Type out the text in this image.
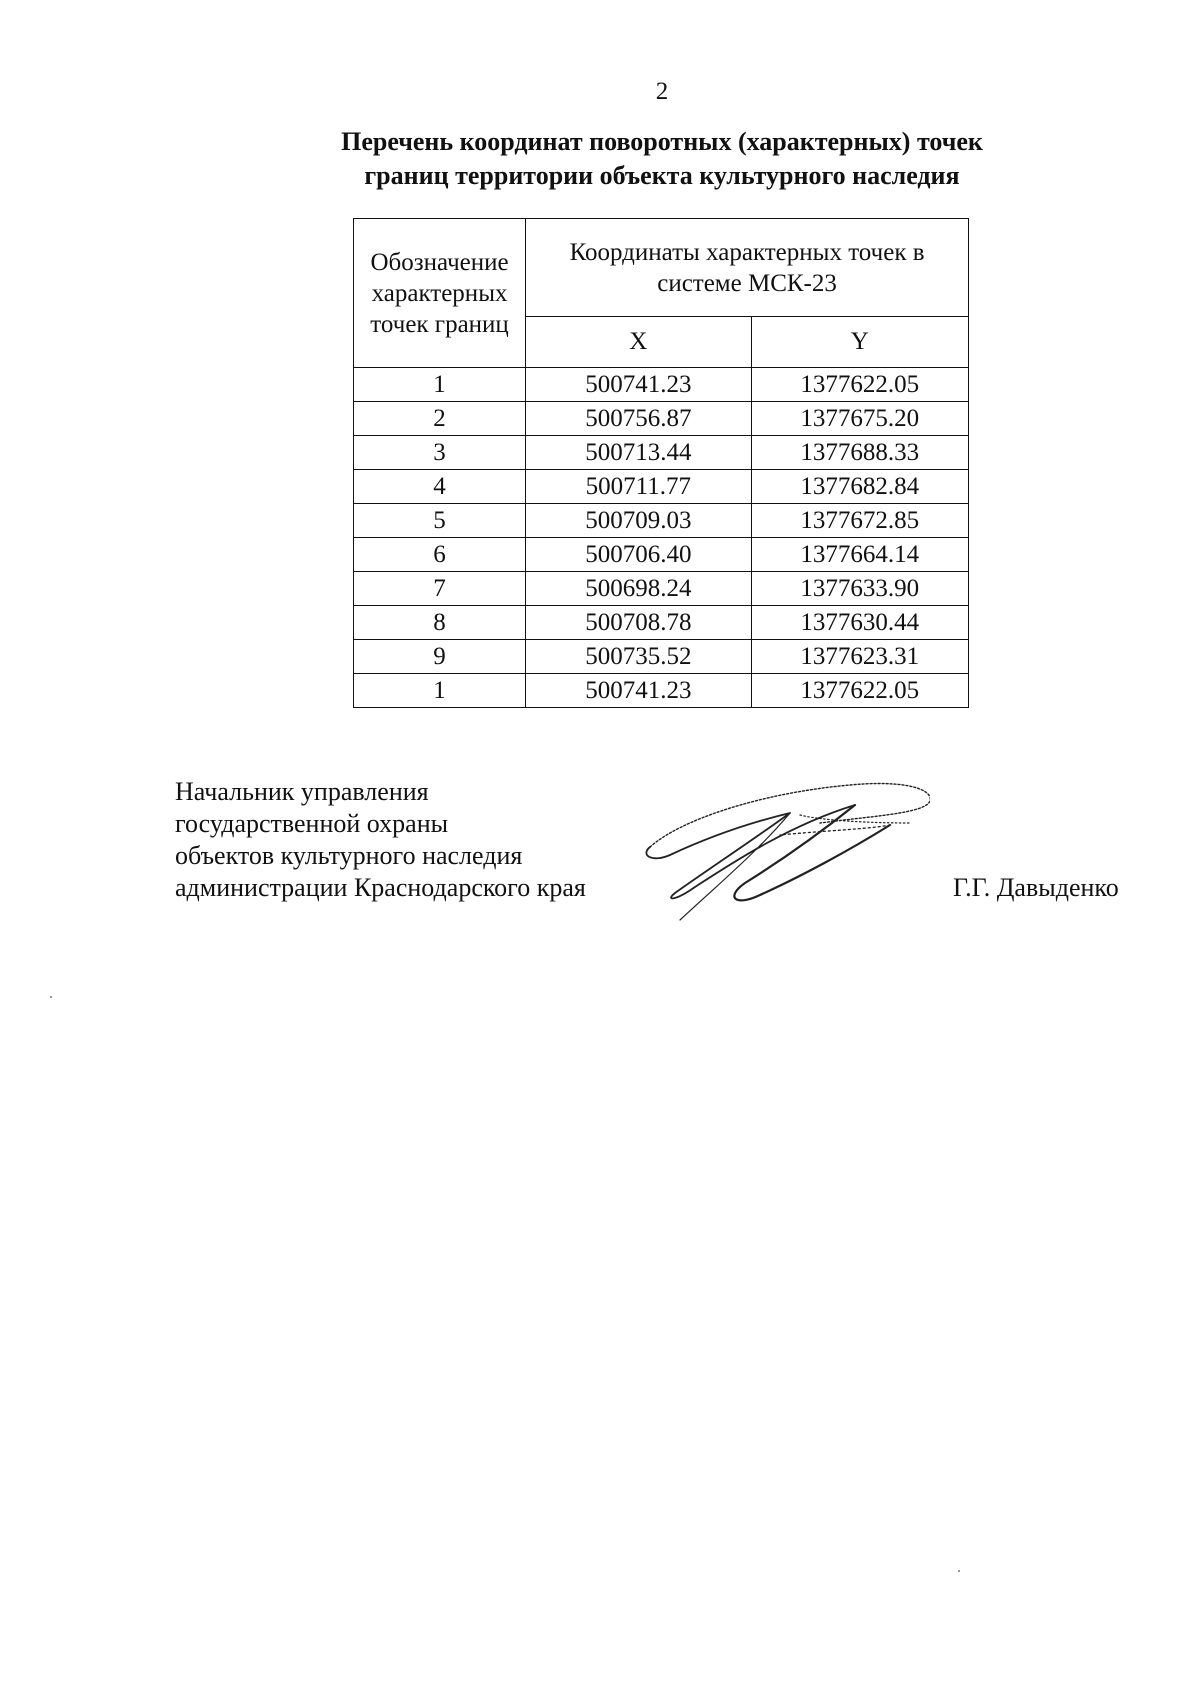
2
Перечень координат поворотных (характерных) точек
границ территории объекта культурного наследия
Обозначение характерных точек границ	Координаты характерных точек в системе МСК-23	
	X	Y
1	500741.23	1377622.05
2	500756.87	1377675.20
3	500713.44	1377688.33
4	500711.77	1377682.84
5	500709.03	1377672.85
6	500706.40	1377664.14
7	500698.24	1377633.90
8	500708.78	1377630.44
9	500735.52	1377623.31
1	500741.23	1377622.05
Начальник управления
государственной охраны
объектов культурного наследия
администрации Краснодарского края	Г.Г. Давыденко
